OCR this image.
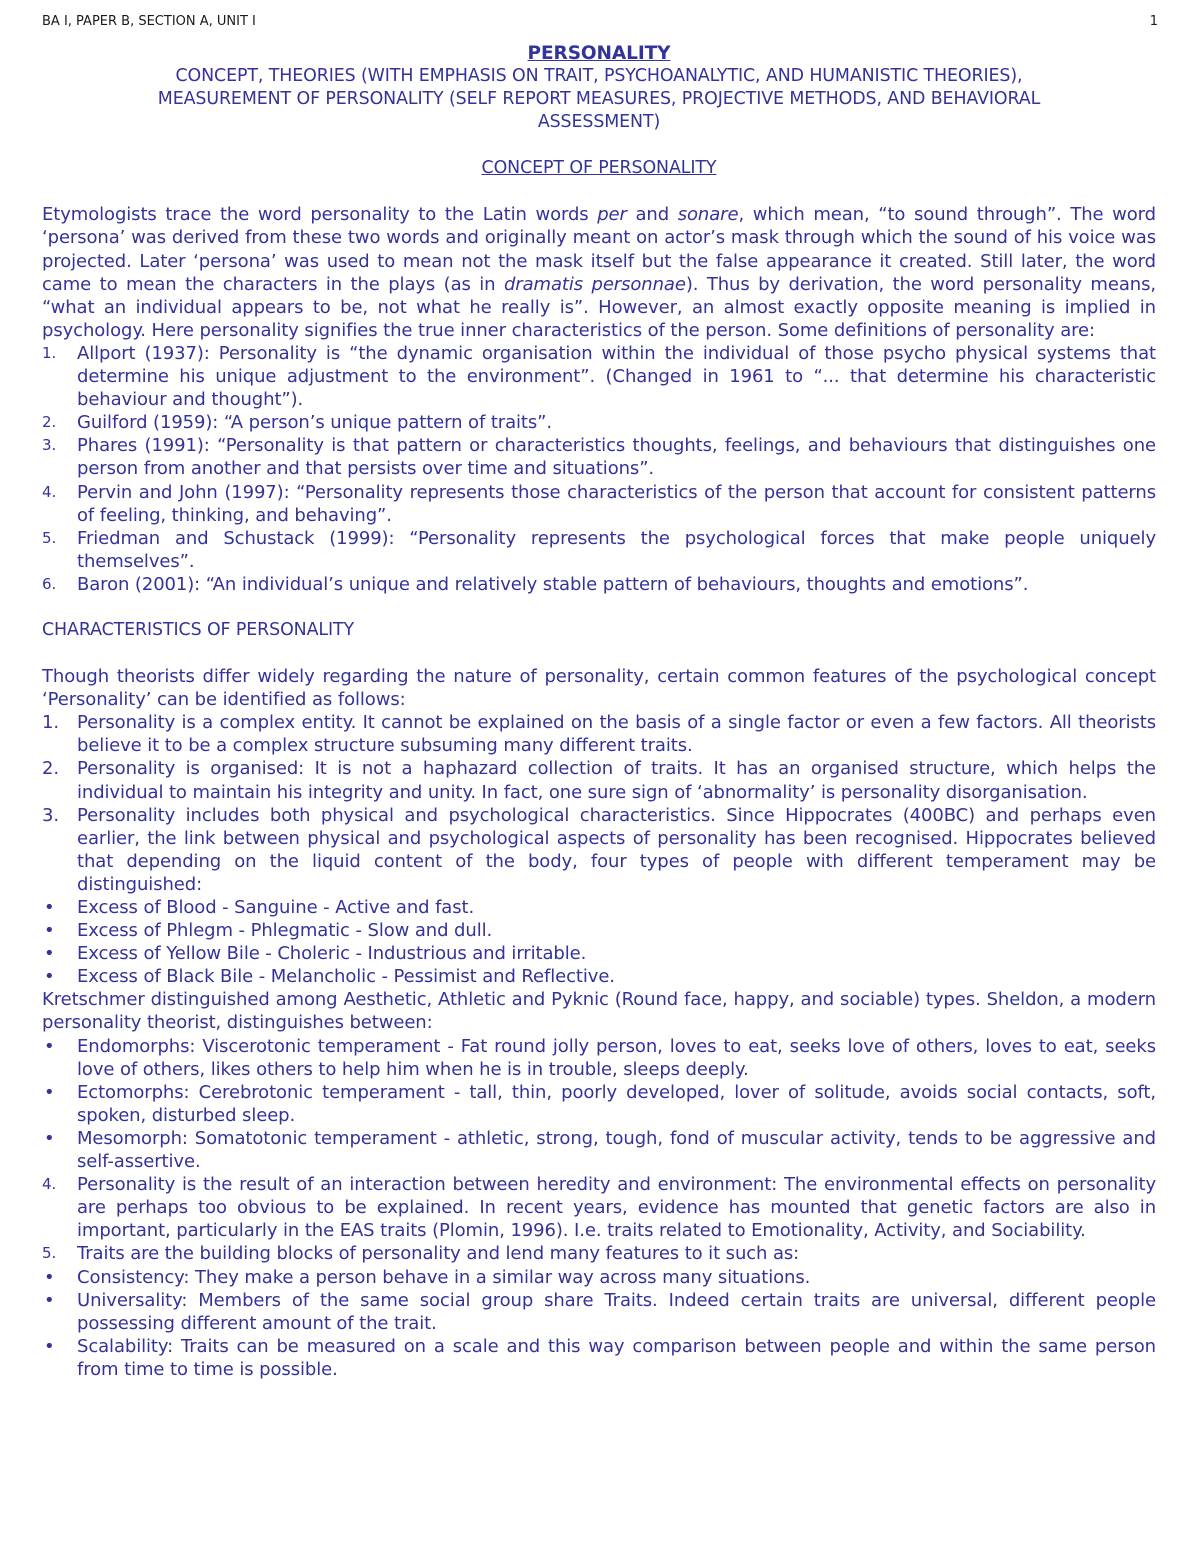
BA I, PAPER B, SECTION A, UNIT I	1
PERSONALITY

CONCEPT, THEORIES (WITH EMPHASIS ON TRAIT, PSYCHOANALYTIC, AND HUMANISTIC THEORIES),

MEASUREMENT OF PERSONALITY (SELF REPORT MEASURES, PROJECTIVE METHODS, AND BEHAVIORAL

ASSESSMENT)

CONCEPT OF PERSONALITY

Etymologists trace the word personality to the Latin words per and sonare, which mean, “to sound through”. The word ‘persona’ was derived from these two words and originally meant on actor’s mask through which the sound of his voice was projected. Later ‘persona’ was used to mean not the mask itself but the false appearance it created. Still later, the word came to mean the characters in the plays (as in dramatis personnae). Thus by derivation, the word personality means, “what an individual appears to be, not what he really is”. However, an almost exactly opposite meaning is implied in psychology. Here personality signifies the true inner characteristics of the person. Some definitions of personality are:

1.	Allport (1937): Personality is “the dynamic organisation within the individual of those psycho physical systems that determine his unique adjustment to the environment”. (Changed in 1961 to “... that determine his characteristic behaviour and thought”).
2.	Guilford (1959): “A person’s unique pattern of traits”.
3.	Phares (1991): “Personality is that pattern or characteristics thoughts, feelings, and behaviours that distinguishes one person from another and that persists over time and situations”.
4.	Pervin and John (1997): “Personality represents those characteristics of the person that account for consistent patterns of feeling, thinking, and behaving”.
5.	Friedman and Schustack (1999): “Personality represents the psychological forces that make people uniquely themselves”.
6.	Baron (2001): “An individual’s unique and relatively stable pattern of behaviours, thoughts and emotions”.
CHARACTERISTICS OF PERSONALITY

Though theorists differ widely regarding the nature of personality, certain common features of the psychological concept ‘Personality’ can be identified as follows:

1.	Personality is a complex entity. It cannot be explained on the basis of a single factor or even a few factors. All theorists believe it to be a complex structure subsuming many different traits.
2.	Personality is organised: It is not a haphazard collection of traits. It has an organised structure, which helps the individual to maintain his integrity and unity. In fact, one sure sign of ‘abnormality’ is personality disorganisation.
3.	Personality includes both physical and psychological characteristics. Since Hippocrates (400BC) and perhaps even earlier, the link between physical and psychological aspects of personality has been recognised. Hippocrates believed that depending on the liquid content of the body, four types of people with different temperament may be distinguished:
• Excess of Blood - Sanguine - Active and fast.
• Excess of Phlegm - Phlegmatic - Slow and dull.
• Excess of Yellow Bile - Choleric - Industrious and irritable.
• Excess of Black Bile - Melancholic - Pessimist and Reflective.

Kretschmer distinguished among Aesthetic, Athletic and Pyknic (Round face, happy, and sociable) types. Sheldon, a modern personality theorist, distinguishes between:

• Endomorphs: Viscerotonic temperament - Fat round jolly person, loves to eat, seeks love of others, loves to eat, seeks love of others, likes others to help him when he is in trouble, sleeps deeply.
• Ectomorphs: Cerebrotonic temperament - tall, thin, poorly developed, lover of solitude, avoids social contacts, soft, spoken, disturbed sleep.
• Mesomorph: Somatotonic temperament - athletic, strong, tough, fond of muscular activity, tends to be aggressive and self-assertive.
4.	Personality is the result of an interaction between heredity and environment: The environmental effects on personality are perhaps too obvious to be explained. In recent years, evidence has mounted that genetic factors are also in important, particularly in the EAS traits (Plomin, 1996). I.e. traits related to Emotionality, Activity, and Sociability.
5.	Traits are the building blocks of personality and lend many features to it such as:
• Consistency: They make a person behave in a similar way across many situations.
• Universality: Members of the same social group share Traits. Indeed certain traits are universal, different people possessing different amount of the trait.
• Scalability: Traits can be measured on a scale and this way comparison between people and within the same person from time to time is possible.
